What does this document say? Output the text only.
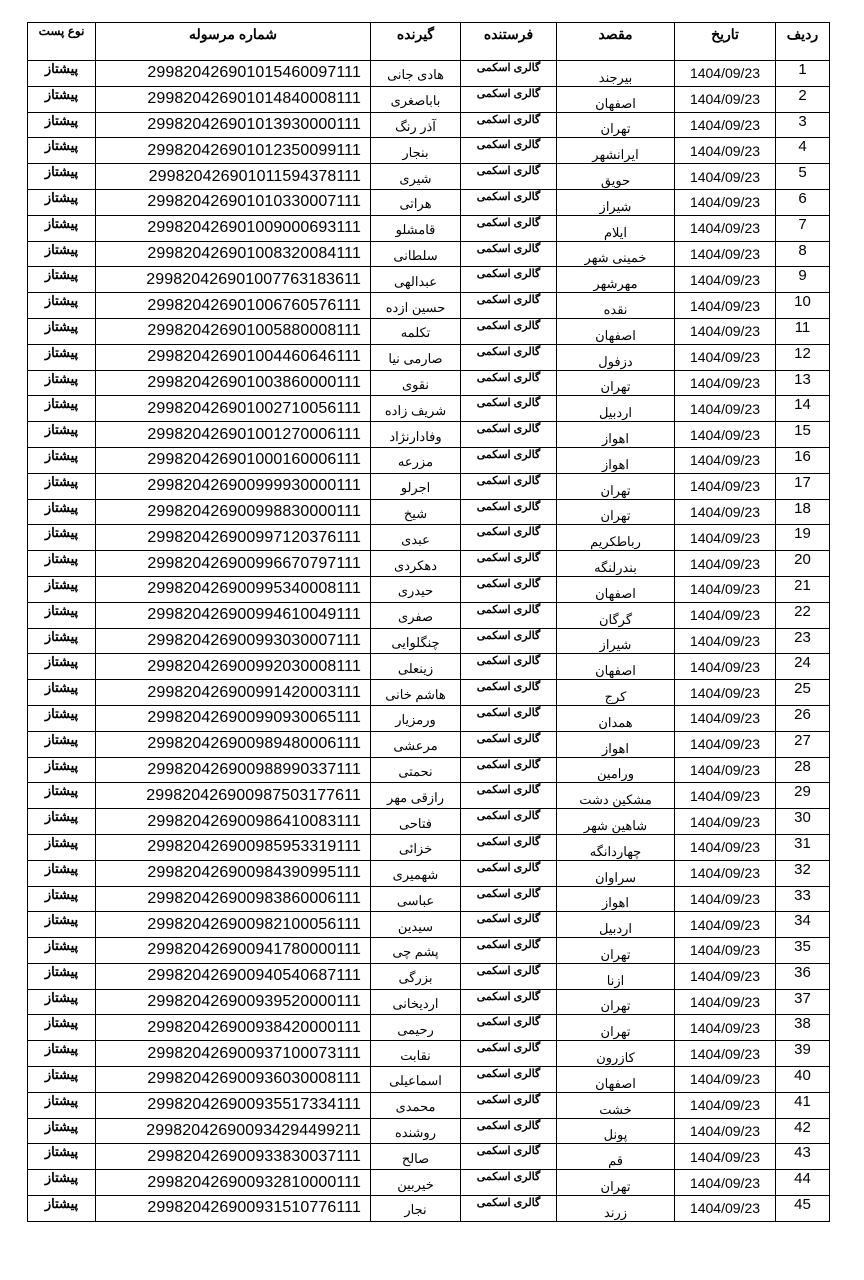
نوع پست	شماره مرسوله	گیرنده	فرستنده	مقصد	تاریخ	ردیف
پیشتاز	299820426901015460097111	هادی جانی	گالری اسکمی	بیرجند	1404/09/23	1
پیشتاز	299820426901014840008111	باباصغری	گالری اسکمی	اصفهان	1404/09/23	2
پیشتاز	299820426901013930000111	آذر رنگ	گالری اسکمی	تهران	1404/09/23	3
پیشتاز	299820426901012350099111	بنجار	گالری اسکمی	ایرانشهر	1404/09/23	4
پیشتاز	299820426901011594378111	شیری	گالری اسکمی	حویق	1404/09/23	5
پیشتاز	299820426901010330007111	هراتی	گالری اسکمی	شیراز	1404/09/23	6
پیشتاز	299820426901009000693111	قامشلو	گالری اسکمی	ایلام	1404/09/23	7
پیشتاز	299820426901008320084111	سلطانی	گالری اسکمی	خمینی شهر	1404/09/23	8
پیشتاز	299820426901007763183611	عبدالهی	گالری اسکمی	مهرشهر	1404/09/23	9
پیشتاز	299820426901006760576111	حسین ازده	گالری اسکمی	نقده	1404/09/23	10
پیشتاز	299820426901005880008111	تکلمه	گالری اسکمی	اصفهان	1404/09/23	11
پیشتاز	299820426901004460646111	صارمی نیا	گالری اسکمی	دزفول	1404/09/23	12
پیشتاز	299820426901003860000111	نقوی	گالری اسکمی	تهران	1404/09/23	13
پیشتاز	299820426901002710056111	شریف زاده	گالری اسکمی	اردبیل	1404/09/23	14
پیشتاز	299820426901001270006111	وفادارنژاد	گالری اسکمی	اهواز	1404/09/23	15
پیشتاز	299820426901000160006111	مزرعه	گالری اسکمی	اهواز	1404/09/23	16
پیشتاز	299820426900999930000111	اجرلو	گالری اسکمی	تهران	1404/09/23	17
پیشتاز	299820426900998830000111	شیخ	گالری اسکمی	تهران	1404/09/23	18
پیشتاز	299820426900997120376111	عبدی	گالری اسکمی	رباطکریم	1404/09/23	19
پیشتاز	299820426900996670797111	دهکردی	گالری اسکمی	بندرلنگه	1404/09/23	20
پیشتاز	299820426900995340008111	حیدری	گالری اسکمی	اصفهان	1404/09/23	21
پیشتاز	299820426900994610049111	صفری	گالری اسکمی	گرگان	1404/09/23	22
پیشتاز	299820426900993030007111	چنگلوایی	گالری اسکمی	شیراز	1404/09/23	23
پیشتاز	299820426900992030008111	زینعلی	گالری اسکمی	اصفهان	1404/09/23	24
پیشتاز	299820426900991420003111	هاشم خانی	گالری اسکمی	کرج	1404/09/23	25
پیشتاز	299820426900990930065111	ورمزیار	گالری اسکمی	همدان	1404/09/23	26
پیشتاز	299820426900989480006111	مرعشی	گالری اسکمی	اهواز	1404/09/23	27
پیشتاز	299820426900988990337111	نحمتی	گالری اسکمی	ورامین	1404/09/23	28
پیشتاز	299820426900987503177611	رازقی مهر	گالری اسکمی	مشکین دشت	1404/09/23	29
پیشتاز	299820426900986410083111	فتاحی	گالری اسکمی	شاهین شهر	1404/09/23	30
پیشتاز	299820426900985953319111	خزائی	گالری اسکمی	چهاردانگه	1404/09/23	31
پیشتاز	299820426900984390995111	شهمیری	گالری اسکمی	سراوان	1404/09/23	32
پیشتاز	299820426900983860006111	عباسی	گالری اسکمی	اهواز	1404/09/23	33
پیشتاز	299820426900982100056111	سیدین	گالری اسکمی	اردبیل	1404/09/23	34
پیشتاز	299820426900941780000111	پشم چی	گالری اسکمی	تهران	1404/09/23	35
پیشتاز	299820426900940540687111	بزرگی	گالری اسکمی	ازنا	1404/09/23	36
پیشتاز	299820426900939520000111	اردیخانی	گالری اسکمی	تهران	1404/09/23	37
پیشتاز	299820426900938420000111	رحیمی	گالری اسکمی	تهران	1404/09/23	38
پیشتاز	299820426900937100073111	نقابت	گالری اسکمی	کازرون	1404/09/23	39
پیشتاز	299820426900936030008111	اسماعیلی	گالری اسکمی	اصفهان	1404/09/23	40
پیشتاز	299820426900935517334111	محمدی	گالری اسکمی	خشت	1404/09/23	41
پیشتاز	299820426900934294499211	روشنده	گالری اسکمی	پونل	1404/09/23	42
پیشتاز	299820426900933830037111	صالح	گالری اسکمی	قم	1404/09/23	43
پیشتاز	299820426900932810000111	خیربین	گالری اسکمی	تهران	1404/09/23	44
پیشتاز	299820426900931510776111	نجار	گالری اسکمی	زرند	1404/09/23	45
